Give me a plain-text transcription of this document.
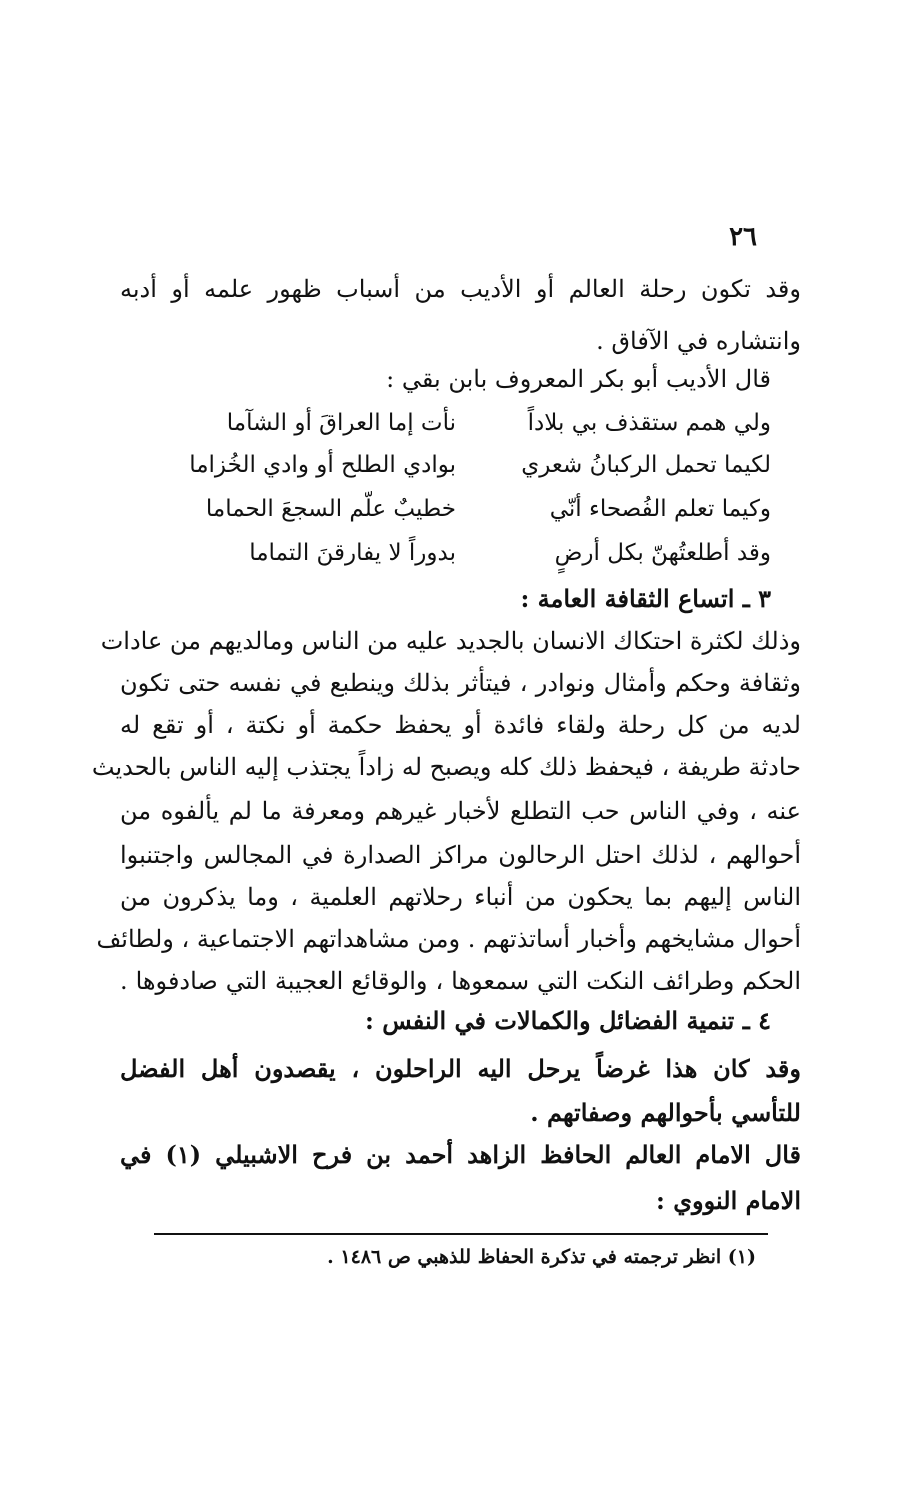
٢٦
وقد تكون رحلة العالم أو الأديب من أسباب ظهور علمه أو أدبه
وانتشاره في الآفاق .
قال الأديب أبو بكر المعروف بابن بقي :
ولي همم ستقذف بي بلاداً
نأت إما العراقَ أو الشآما
لكيما تحمل الركبانُ شعري
بوادي الطلح أو وادي الخُزاما
وكيما تعلم الفُصحاء أنّي
خطيبٌ علّم السجعَ الحماما
وقد أطلعتُهنّ بكل أرضٍ
بدوراً لا يفارقنَ التماما
٣ ـ اتساع الثقافة العامة :
وذلك لكثرة احتكاك الانسان بالجديد عليه من الناس ومالديهم من عادات
وثقافة وحكم وأمثال ونوادر ، فيتأثر بذلك وينطبع في نفسه حتى تكون
لديه من كل رحلة ولقاء فائدة أو يحفظ حكمة أو نكتة ، أو تقع له
حادثة طريفة ، فيحفظ ذلك كله ويصبح له زاداً يجتذب إليه الناس بالحديث
عنه ، وفي الناس حب التطلع لأخبار غيرهم ومعرفة ما لم يألفوه من
أحوالهم ، لذلك احتل الرحالون مراكز الصدارة في المجالس واجتنبوا
الناس إليهم بما يحكون من أنباء رحلاتهم العلمية ، وما يذكرون من
أحوال مشايخهم وأخبار أساتذتهم . ومن مشاهداتهم الاجتماعية ، ولطائف
الحكم وطرائف النكت التي سمعوها ، والوقائع العجيبة التي صادفوها .
٤ ـ تنمية الفضائل والكمالات في النفس :
وقد كان هذا غرضاً يرحل اليه الراحلون ، يقصدون أهل الفضل
للتأسي بأحوالهم وصفاتهم .
قال الامام العالم الحافظ الزاهد أحمد بن فرح الاشبيلي (١) في
الامام النووي :
(١) انظر ترجمته في تذكرة الحفاظ للذهبي ص ١٤٨٦ .
